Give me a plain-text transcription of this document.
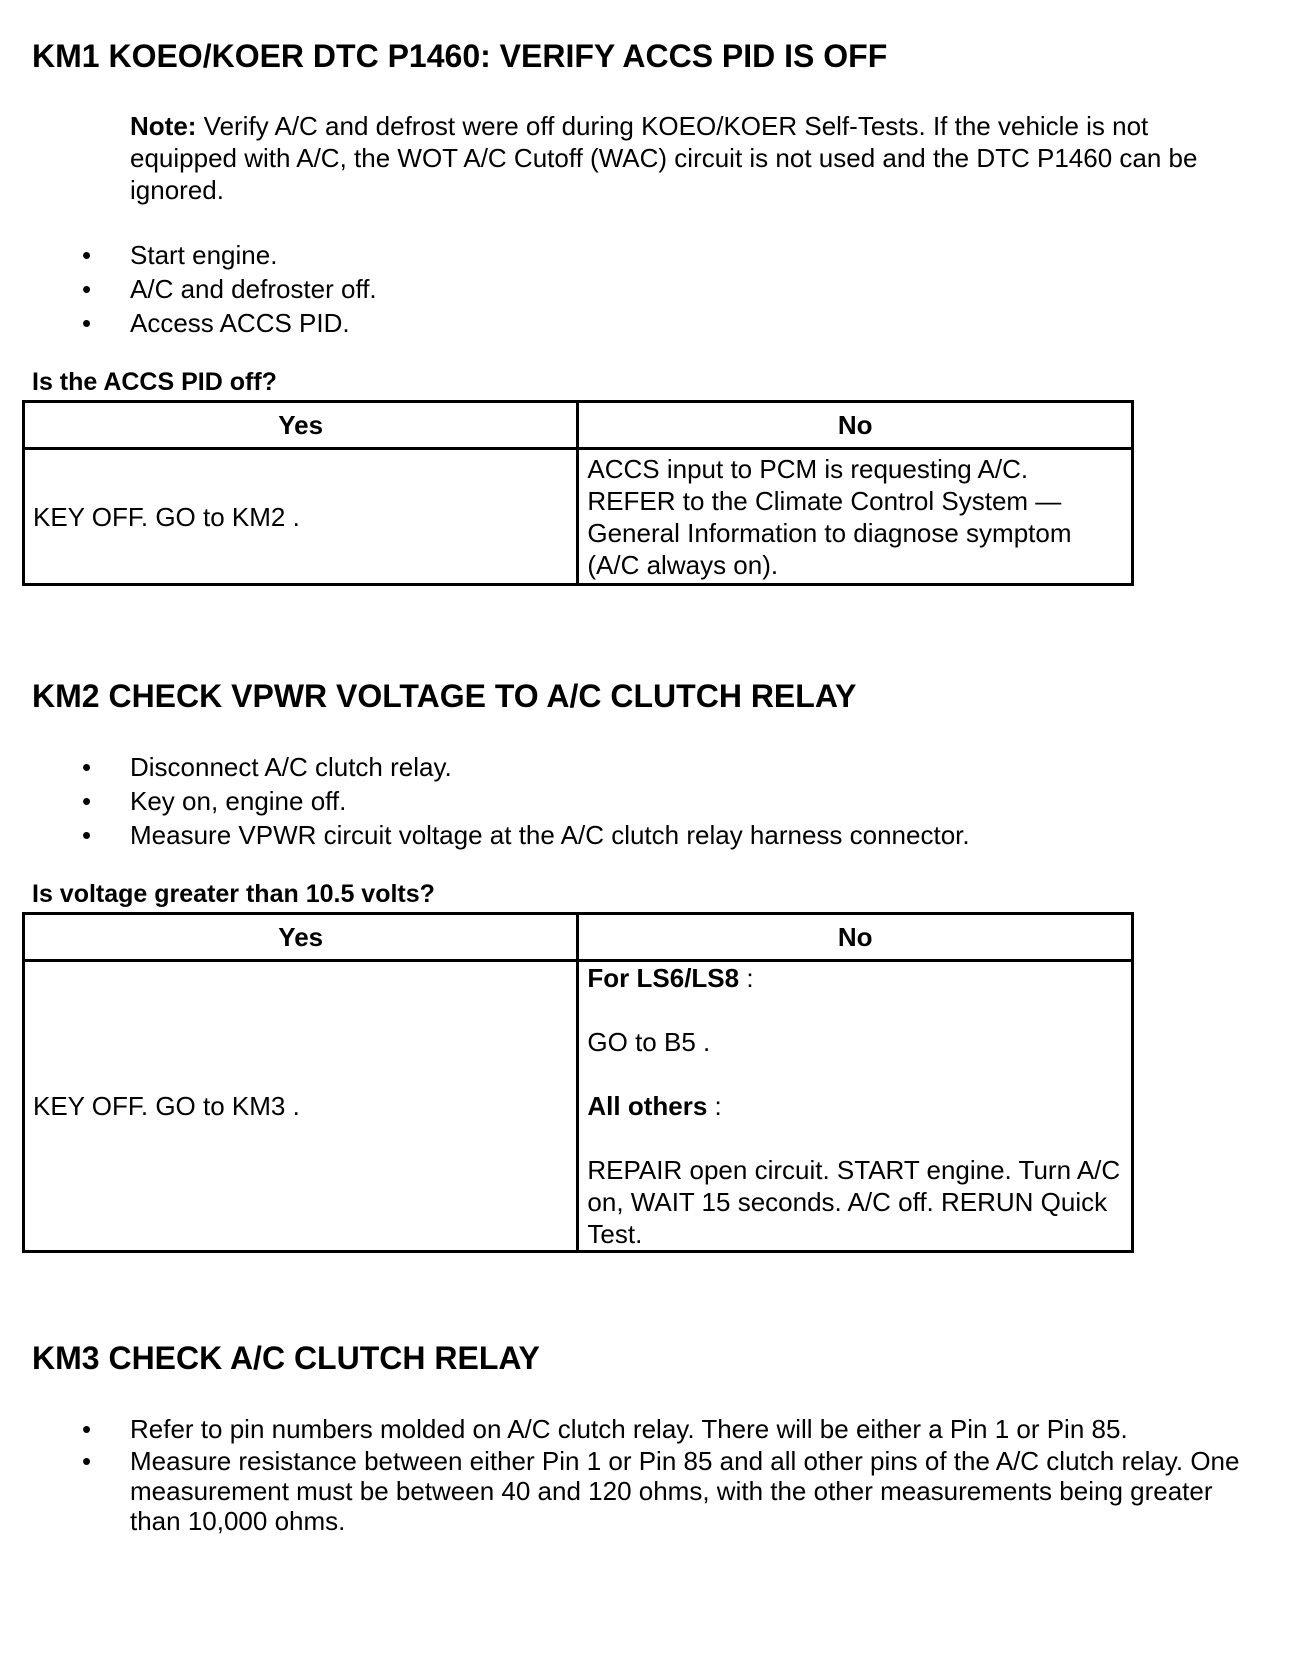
KM1 KOEO/KOER DTC P1460: VERIFY ACCS PID IS OFF

Note: Verify A/C and defrost were off during KOEO/KOER Self-Tests. If the vehicle is not equipped with A/C, the WOT A/C Cutoff (WAC) circuit is not used and the DTC P1460 can be ignored.

• Start engine.
• A/C and defroster off.
• Access ACCS PID.

Is the ACCS PID off?

Yes	No
KEY OFF. GO to KM2 .	ACCS input to PCM is requesting A/C. REFER to the Climate Control System — General Information to diagnose symptom (A/C always on).
KM2 CHECK VPWR VOLTAGE TO A/C CLUTCH RELAY
• Disconnect A/C clutch relay.
• Key on, engine off.
• Measure VPWR circuit voltage at the A/C clutch relay harness connector.

Is voltage greater than 10.5 volts?

Yes	No
KEY OFF. GO to KM3 .	For LS6/LS8 :

GO to B5 .

All others :

REPAIR open circuit. START engine. Turn A/C on, WAIT 15 seconds. A/C off. RERUN Quick Test.

KM3 CHECK A/C CLUTCH RELAY
• Refer to pin numbers molded on A/C clutch relay. There will be either a Pin 1 or Pin 85.
• Measure resistance between either Pin 1 or Pin 85 and all other pins of the A/C clutch relay. One measurement must be between 40 and 120 ohms, with the other measurements being greater than 10,000 ohms.
